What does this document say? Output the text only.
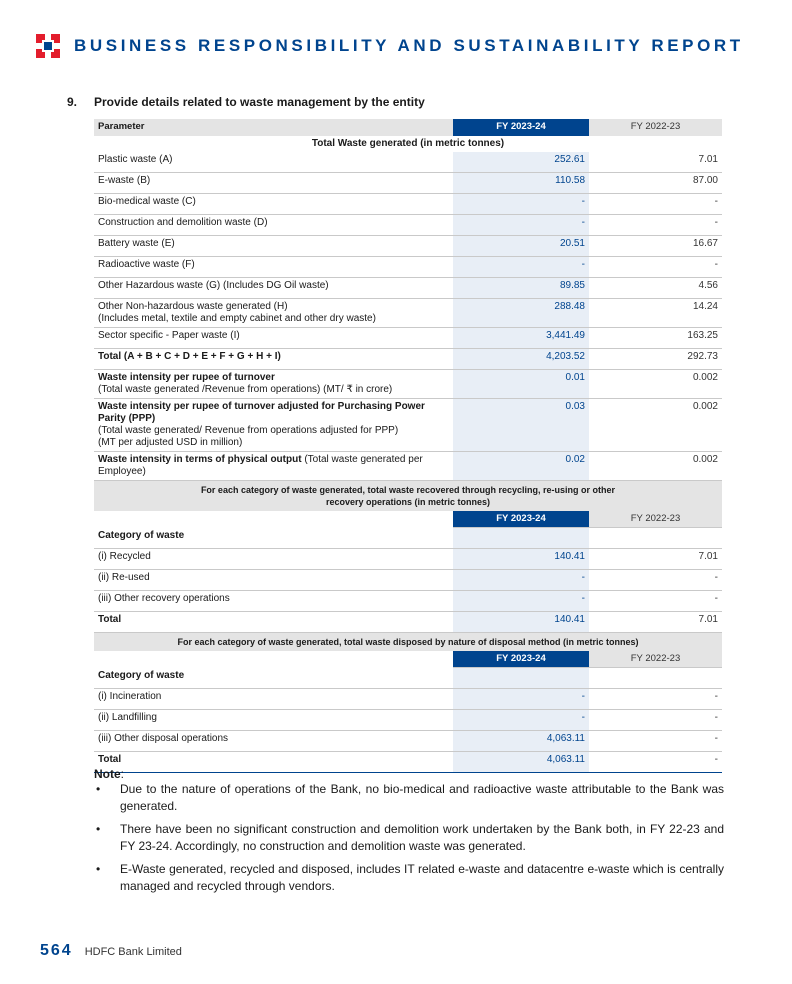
BUSINESS RESPONSIBILITY AND SUSTAINABILITY REPORT
9. Provide details related to waste management by the entity
Parameter	FY 2023-24	FY 2022-23
Total Waste generated (in metric tonnes)		
Plastic waste (A)	252.61	7.01
E-waste (B)	110.58	87.00
Bio-medical waste (C)	-	-
Construction and demolition waste (D)	-	-
Battery waste (E)	20.51	16.67
Radioactive waste (F)	-	-
Other Hazardous waste (G) (Includes DG Oil waste)	89.85	4.56
Other Non-hazardous waste generated (H)
(Includes metal, textile and empty cabinet and other dry waste)	288.48	14.24
Sector specific - Paper waste (I)	3,441.49	163.25
Total (A + B + C + D + E + F + G + H + I)	4,203.52	292.73
Waste intensity per rupee of turnover
(Total waste generated /Revenue from operations) (MT/ ₹ in crore)	0.01	0.002
Waste intensity per rupee of turnover adjusted for Purchasing Power Parity (PPP)
(Total waste generated/ Revenue from operations adjusted for PPP)
(MT per adjusted USD in million)	0.03	0.002
Waste intensity in terms of physical output (Total waste generated per Employee)	0.02	0.002
For each category of waste generated, total waste recovered through recycling, re-using or other
recovery operations (in metric tonnes)		
	FY 2023-24	FY 2022-23
Category of waste		
(i) Recycled	140.41	7.01
(ii) Re-used	-	-
(iii) Other recovery operations	-	-
Total	140.41	7.01
For each category of waste generated, total waste disposed by nature of disposal method (in metric tonnes)		
	FY 2023-24	FY 2022-23
Category of waste		
(i) Incineration	-	-
(ii) Landfilling	-	-
(iii) Other disposal operations	4,063.11	-
Total	4,063.11	-
Note:
• Due to the nature of operations of the Bank, no bio-medical and radioactive waste attributable to the Bank was generated.
• There have been no significant construction and demolition work undertaken by the Bank both, in FY 22-23 and FY 23-24. Accordingly, no construction and demolition waste was generated.
• E-Waste generated, recycled and disposed, includes IT related e-waste and datacentre e-waste which is centrally managed and recycled through vendors.
564 HDFC Bank Limited
